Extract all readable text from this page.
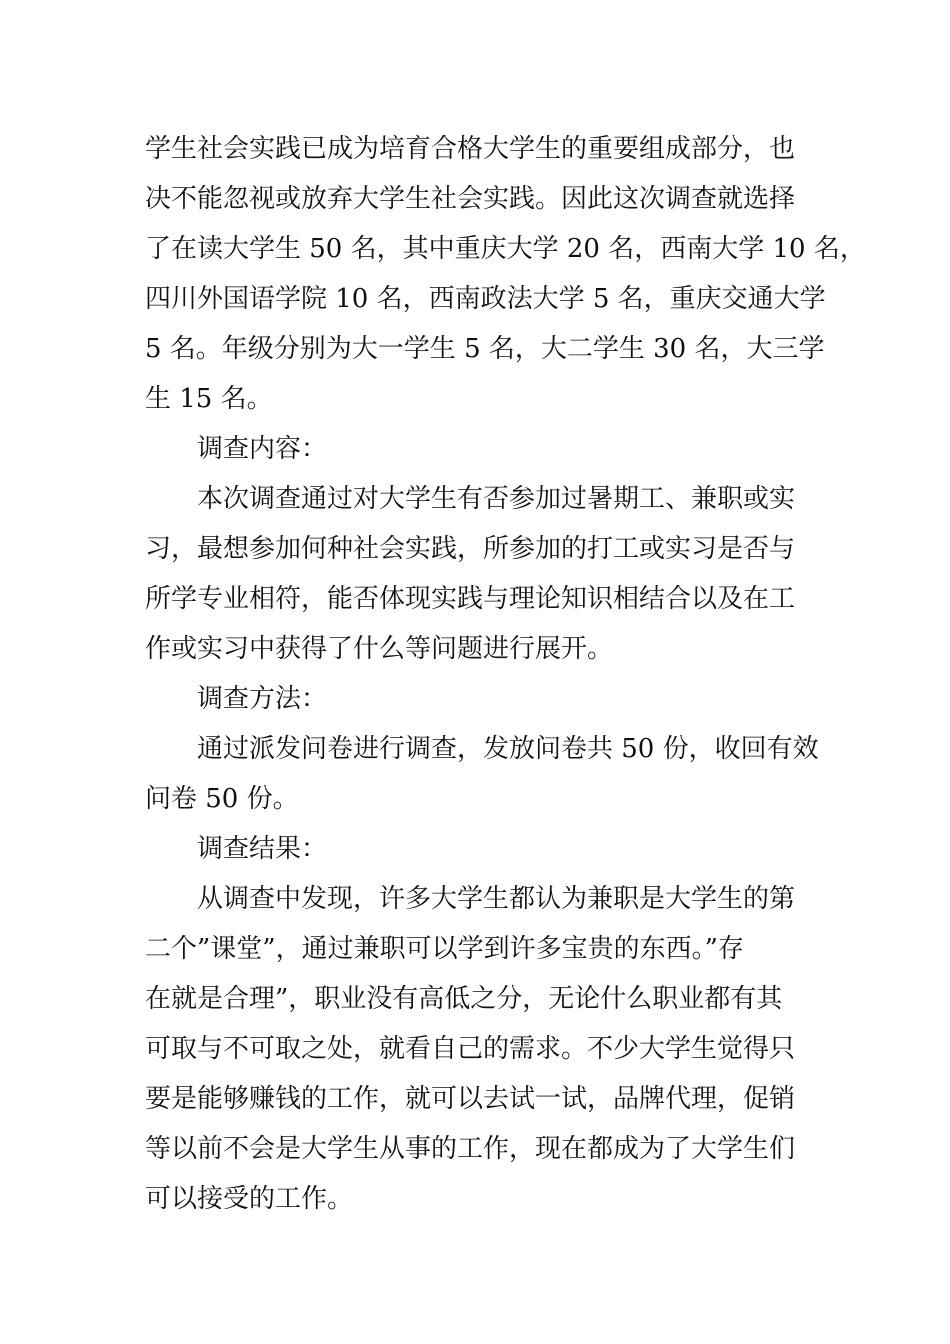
学生社会实践已成为培育合格大学生的重要组成部分，也
决不能忽视或放弃大学生社会实践。因此这次调查就选择
了在读大学生 50 名，其中重庆大学 20 名，西南大学 10 名，
四川外国语学院 10 名，西南政法大学 5 名，重庆交通大学
5 名。年级分别为大一学生 5 名，大二学生 30 名，大三学
生 15 名。
调查内容：
本次调查通过对大学生有否参加过暑期工、兼职或实
习，最想参加何种社会实践，所参加的打工或实习是否与
所学专业相符，能否体现实践与理论知识相结合以及在工
作或实习中获得了什么等问题进行展开。
调查方法：
通过派发问卷进行调查，发放问卷共 50 份，收回有效
问卷 50 份。
调查结果：
从调查中发现，许多大学生都认为兼职是大学生的第
二个”课堂”，通过兼职可以学到许多宝贵的东西。”存
在就是合理”，职业没有高低之分，无论什么职业都有其
可取与不可取之处，就看自己的需求。不少大学生觉得只
要是能够赚钱的工作，就可以去试一试，品牌代理，促销
等以前不会是大学生从事的工作，现在都成为了大学生们
可以接受的工作。
